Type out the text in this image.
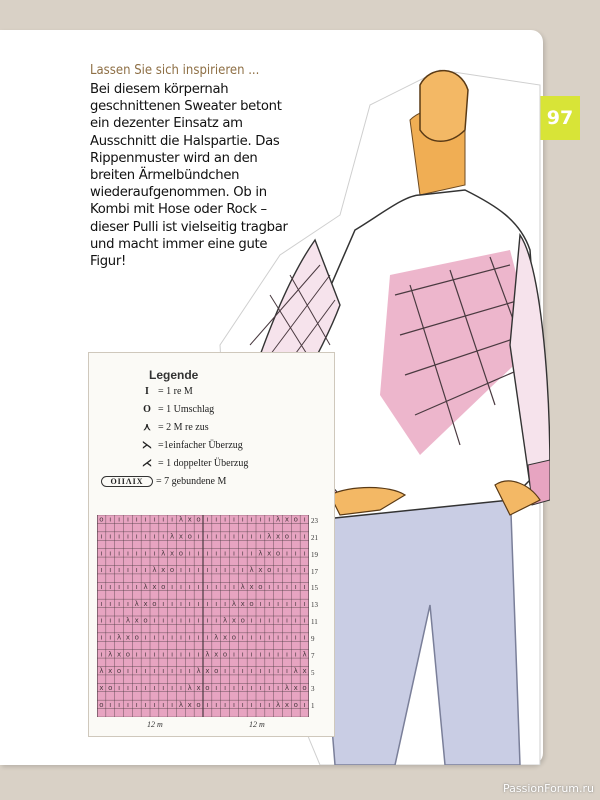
97
Lassen Sie sich inspirieren ...
Bei diesem körpernah geschnittenen Sweater betont ein dezenter Einsatz am Ausschnitt die Halspartie. Das Rippenmuster wird an den breiten Ärmelbündchen wiederaufgenommen. Ob in Kombi mit Hose oder Rock – dieser Pulli ist vielseitig tragbar und macht immer eine gute Figur!
Legende
I = 1 re M
O = 1 Umschlag
⋏ = 2 M re zus
⋋ =1einfacher Überzug
⋌ = 1 doppelter Überzug
OIIΛIX = 7 gebundene M
o ı ı ı ı ı ı ı ı λ x o ı ı ı ı ı ı ı ı λ x o ı
ı ı ı ı ı ı ı ı λ x o ı ı ı ı ı ı ı ı λ x o ı ı
ı ı ı ı ı ı ı λ x o ı ı ı ı ı ı ı ı λ x o ı ı ı
ı ı ı ı ı ı λ x o ı ı ı ı ı ı ı ı λ x o ı ı ı ı
ı ı ı ı ı λ x o ı ı ı ı ı ı ı ı λ x o ı ı ı ı ı
ı ı ı ı λ x o ı ı ı ı ı ı ı ı λ x o ı ı ı ı ı ı
ı ı ı λ x o ı ı ı ı ı ı ı ı λ x o ı ı ı ı ı ı ı
ı ı λ x o ı ı ı ı ı ı ı ı λ x o ı ı ı ı ı ı ı ı
ı λ x o ı ı ı ı ı ı ı ı λ x o ı ı ı ı ı ı ı ı λ
λ x o ı ı ı ı ı ı ı ı λ x o ı ı ı ı ı ı ı ı λ x
x o ı ı ı ı ı ı ı ı λ x o ı ı ı ı ı ı ı ı λ x o
o ı ı ı ı ı ı ı ı λ x o ı ı ı ı ı ı ı ı λ x o ı
23
21
19
17
15
13
11
9
7
5
3
1
12 m	12 m
PassionForum.ru
